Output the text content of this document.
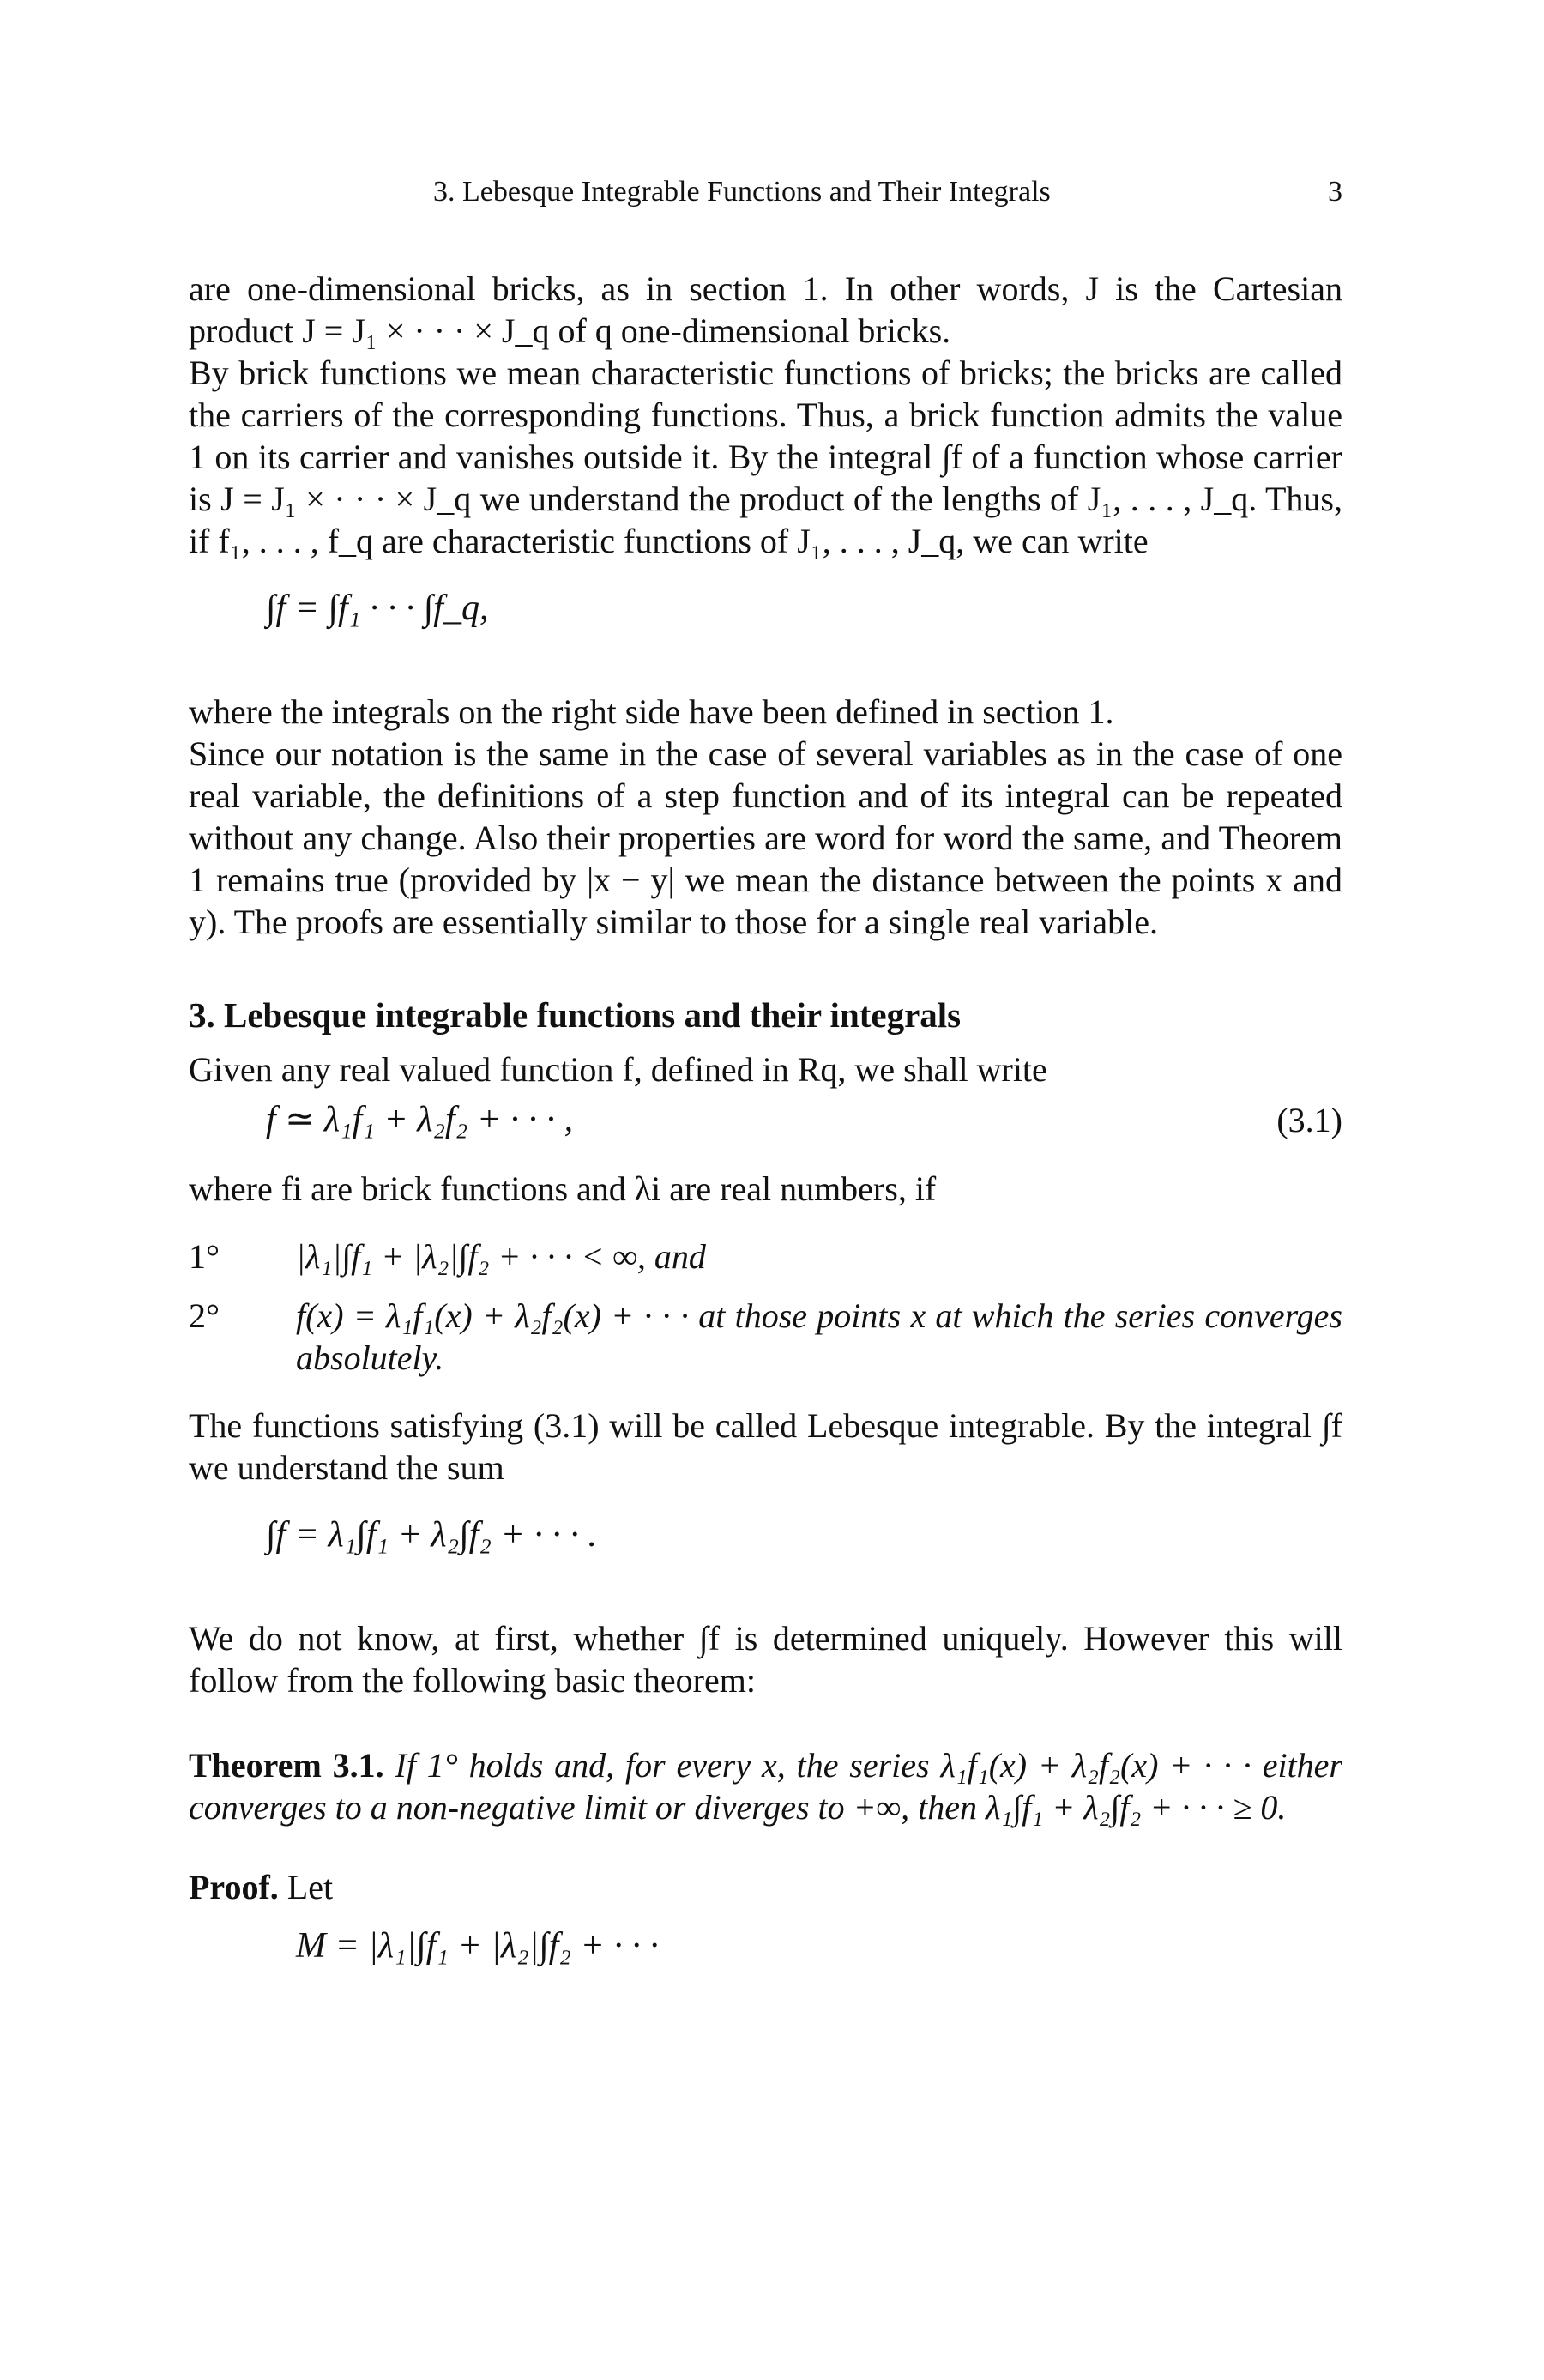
3. Lebesque Integrable Functions and Their Integrals	3

are one-dimensional bricks, as in section 1. In other words, J is the Cartesian product J = J₁ × · · · × J_q of q one-dimensional bricks.

By brick functions we mean characteristic functions of bricks; the bricks are called the carriers of the corresponding functions. Thus, a brick function admits the value 1 on its carrier and vanishes outside it. By the integral ∫f of a function whose carrier is J = J₁ × · · · × J_q we understand the product of the lengths of J₁, . . . , J_q. Thus, if f₁, . . . , f_q are characteristic functions of J₁, . . . , J_q, we can write

∫f = ∫f₁ · · · ∫f_q,

where the integrals on the right side have been defined in section 1.

Since our notation is the same in the case of several variables as in the case of one real variable, the definitions of a step function and of its integral can be repeated without any change. Also their properties are word for word the same, and Theorem 1 remains true (provided by |x − y| we mean the distance between the points x and y). The proofs are essentially similar to those for a single real variable.

3. Lebesque integrable functions and their integrals

Given any real valued function f, defined in Rq, we shall write

f ≃ λ₁f₁ + λ₂f₂ + · · · ,	(3.1)

where fi are brick functions and λi are real numbers, if

1° |λ₁|∫f₁ + |λ₂|∫f₂ + · · · < ∞, and
2° f(x) = λ₁f₁(x) + λ₂f₂(x) + · · · at those points x at which the series converges absolutely.

The functions satisfying (3.1) will be called Lebesque integrable. By the integral ∫f we understand the sum

∫f = λ₁∫f₁ + λ₂∫f₂ + · · · .

We do not know, at first, whether ∫f is determined uniquely. However this will follow from the following basic theorem:

Theorem 3.1. If 1° holds and, for every x, the series λ₁f₁(x) + λ₂f₂(x) + · · · either converges to a non-negative limit or diverges to +∞, then λ₁∫f₁ + λ₂∫f₂ + · · · ≥ 0.

Proof. Let

M = |λ₁|∫f₁ + |λ₂|∫f₂ + · · ·
